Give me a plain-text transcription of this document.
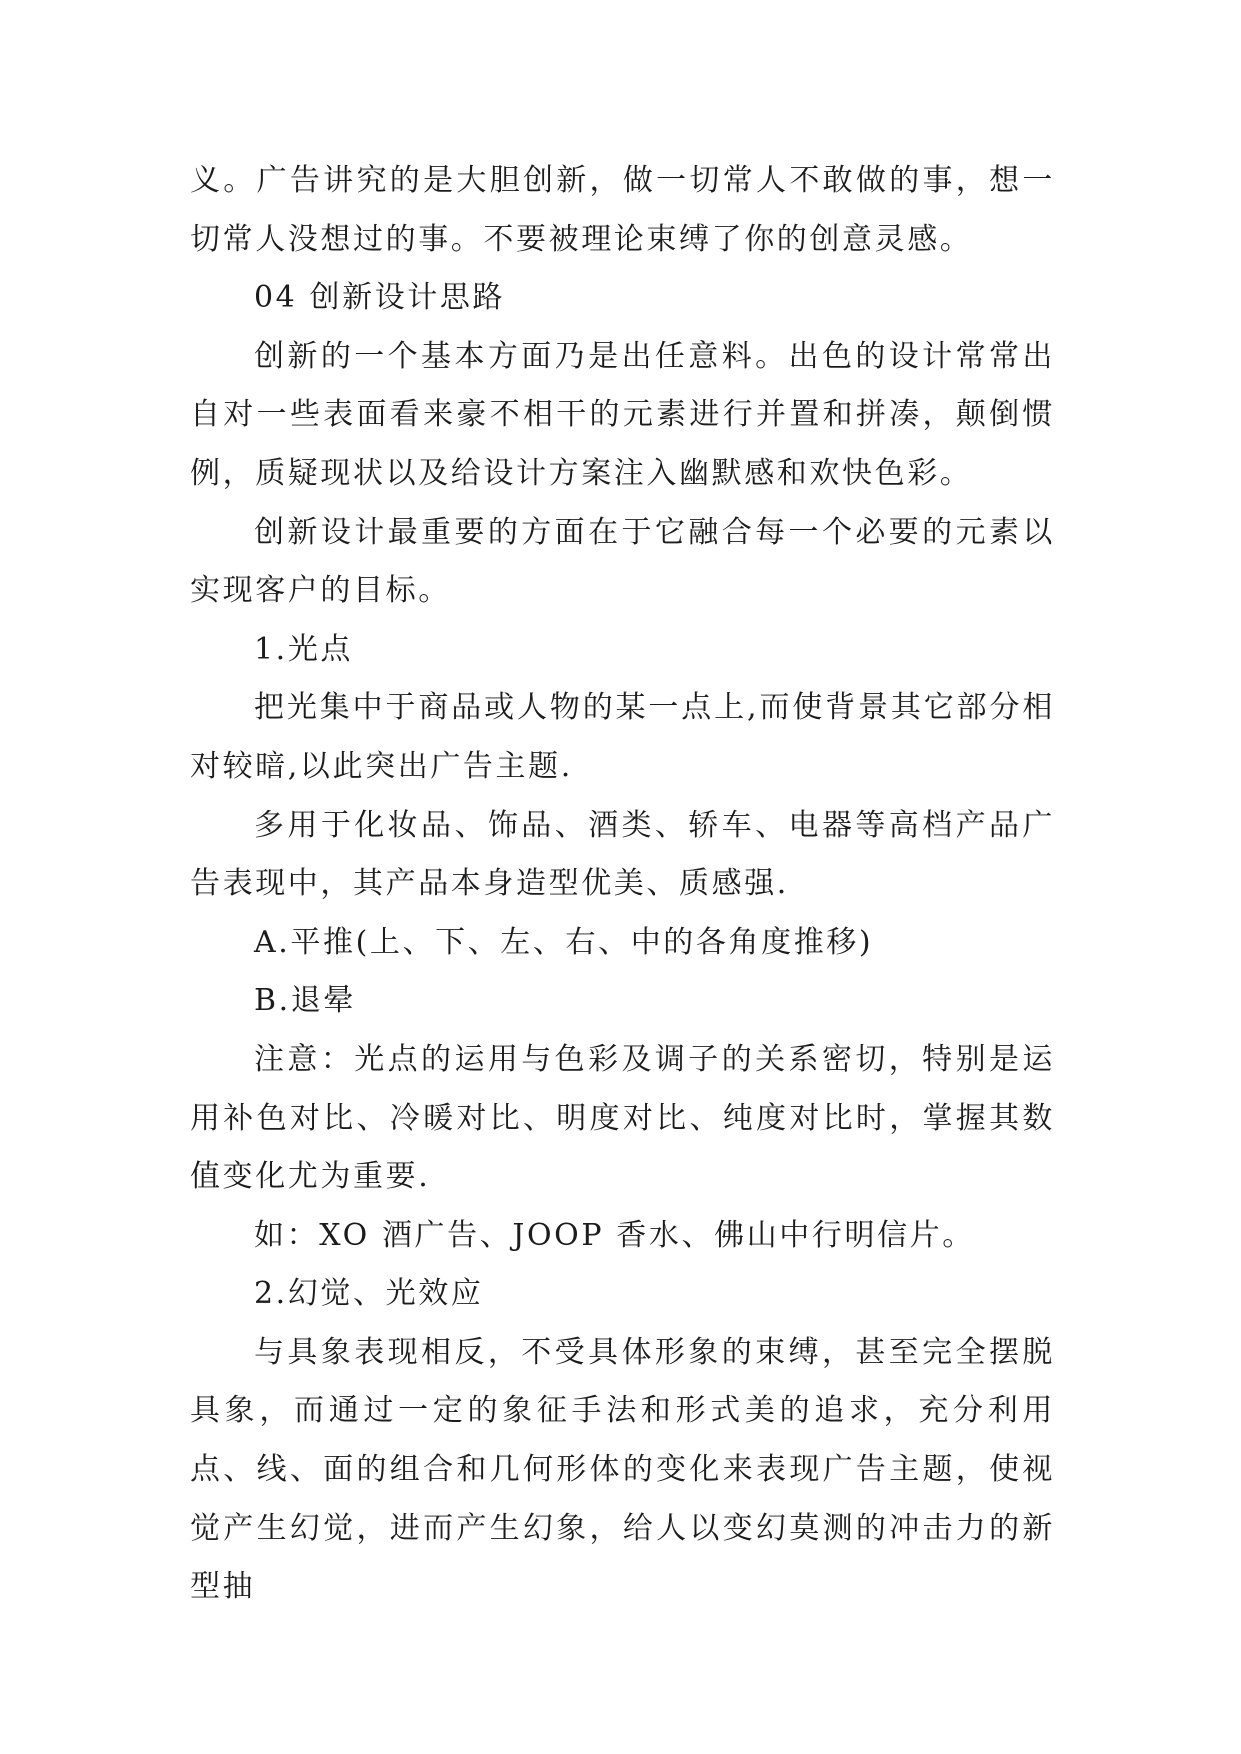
义。广告讲究的是大胆创新，做一切常人不敢做的事，想一切常人没想过的事。不要被理论束缚了你的创意灵感。

04 创新设计思路

创新的一个基本方面乃是出任意料。出色的设计常常出自对一些表面看来豪不相干的元素进行并置和拼凑，颠倒惯例，质疑现状以及给设计方案注入幽默感和欢快色彩。

创新设计最重要的方面在于它融合每一个必要的元素以实现客户的目标。

1.光点

把光集中于商品或人物的某一点上,而使背景其它部分相对较暗,以此突出广告主题.

多用于化妆品、饰品、酒类、轿车、电器等高档产品广告表现中，其产品本身造型优美、质感强.

A.平推(上、下、左、右、中的各角度推移)

B.退晕

注意：光点的运用与色彩及调子的关系密切，特别是运用补色对比、冷暖对比、明度对比、纯度对比时，掌握其数值变化尤为重要.

如：XO 酒广告、JOOP 香水、佛山中行明信片。

2.幻觉、光效应

与具象表现相反，不受具体形象的束缚，甚至完全摆脱具象，而通过一定的象征手法和形式美的追求，充分利用点、线、面的组合和几何形体的变化来表现广告主题，使视觉产生幻觉，进而产生幻象，给人以变幻莫测的冲击力的新型抽
